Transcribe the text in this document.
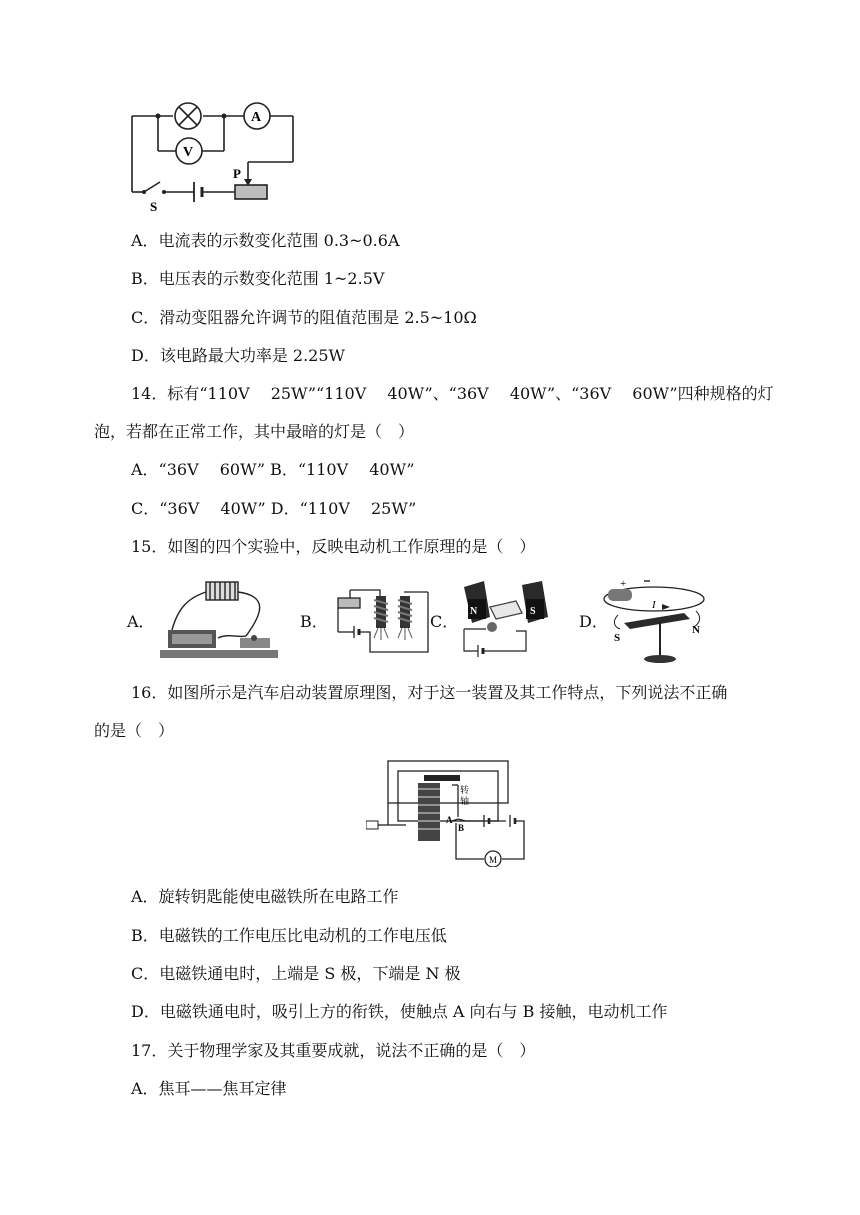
A
V
S
P
A．电流表的示数变化范围 0.3~0.6A
B．电压表的示数变化范围 1~2.5V
C．滑动变阻器允许调节的阻值范围是 2.5~10Ω
D．该电路最大功率是 2.25W
14．标有“110V　 25W”“110V　 40W”、“36V　 40W”、“36V　 60W”四种规格的灯
泡，若都在正常工作，其中最暗的灯是（　）
A．“36V　 60W” B．“110V　 40W”
C．“36V　 40W” D．“110V　 25W”
15．如图的四个实验中，反映电动机工作原理的是（　）
A．	B．	C．
N	S
D．
+
I
S
N
16．如图所示是汽车启动装置原理图，对于这一装置及其工作特点，下列说法不正确
的是（　）
转
轴
A
B
M
A．旋转钥匙能使电磁铁所在电路工作
B．电磁铁的工作电压比电动机的工作电压低
C．电磁铁通电时，上端是 S 极，下端是 N 极
D．电磁铁通电时，吸引上方的衔铁，使触点 A 向右与 B 接触，电动机工作
17．关于物理学家及其重要成就，说法不正确的是（　）
A．焦耳——焦耳定律
